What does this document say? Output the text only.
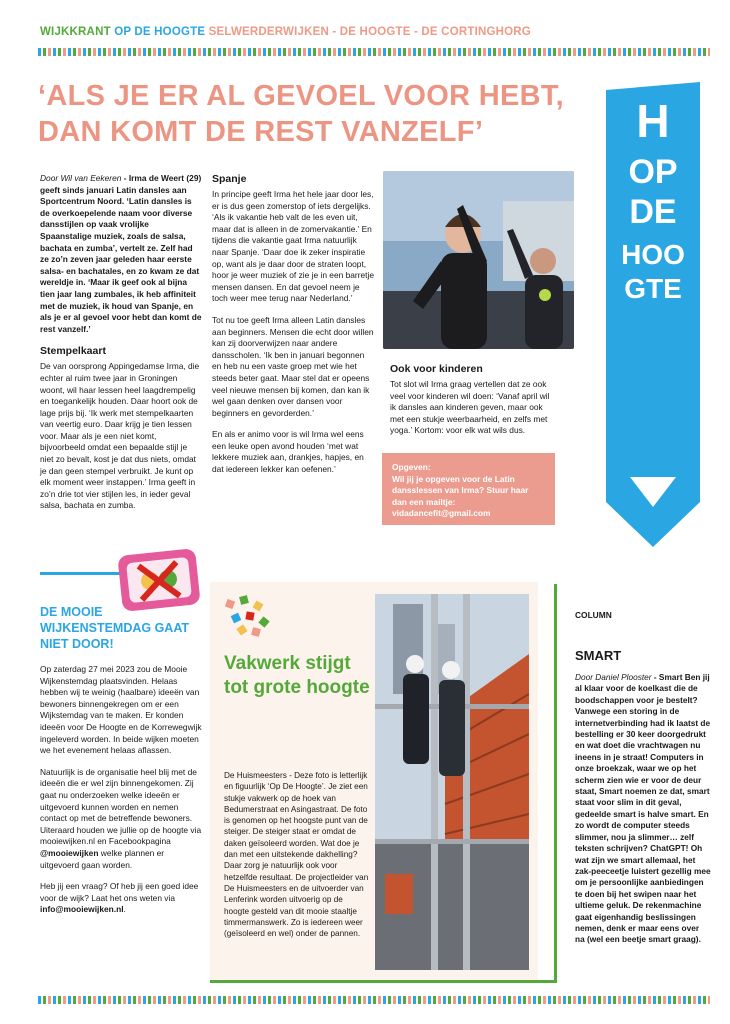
WIJKKRANT OP DE HOOGTE SELWERDERWIJKEN - DE HOOGTE - DE CORTINGHORG
‘ALS JE ER AL GEVOEL VOOR HEBT,
DAN KOMT DE REST VANZELF’	H
OP
DE
HOO
GTE
APRIL 2023

Door Wil van Eekeren - Irma de Weert (29) geeft sinds januari Latin dansles aan Sportcentrum Noord. ‘Latin dansles is de overkoepelende naam voor diverse dansstijlen op vaak vrolijke Spaanstalige muziek, zoals de salsa, bachata en zumba’, vertelt ze. Zelf had ze zo’n zeven jaar geleden haar eerste salsa- en bachatales, en zo kwam ze dat wereldje in. ‘Maar ik geef ook al bijna tien jaar lang zumbales, ik heb affiniteit met de muziek, ik houd van Spanje, en als je er al gevoel voor hebt dan komt de rest vanzelf.’

Stempelkaart

De van oorsprong Appingedamse Irma, die echter al ruim twee jaar in Groningen woont, wil haar lessen heel laagdrempelig en toegankelijk houden. Daar hoort ook de lage prijs bij. ‘Ik werk met stempelkaarten van veertig euro. Daar krijg je tien lessen voor. Maar als je een niet komt, bijvoorbeeld omdat een bepaalde stijl je niet zo bevalt, kost je dat dus niets, omdat je dan geen stempel verbruikt. Je kunt op elk moment weer instappen.’ Irma geeft in zo’n drie tot vier stijlen les, in ieder geval salsa, bachata en zumba.

Spanje

In principe geeft Irma het hele jaar door les, er is dus geen zomerstop of iets dergelijks. ‘Als ik vakantie heb valt de les even uit, maar dat is alleen in de zomervakantie.’ En tijdens die vakantie gaat Irma natuurlijk naar Spanje. ‘Daar doe ik zeker inspiratie op, want als je daar door de straten loopt, hoor je weer muziek of zie je in een barretje mensen dansen. En dat gevoel neem je toch weer mee terug naar Nederland.’

Tot nu toe geeft Irma alleen Latin dansles aan beginners. Mensen die echt door willen kan zij doorverwijzen naar andere dansscholen. ‘Ik ben in januari begonnen en heb nu een vaste groep met wie het steeds beter gaat. Maar stel dat er opeens veel nieuwe mensen bij komen, dan kan ik wel gaan denken over dansen voor beginners en gevorderden.’

En als er animo voor is wil Irma wel eens een leuke open avond houden ‘met wat lekkere muziek aan, drankjes, hapjes, en dat iedereen lekker kan oefenen.’

Ook voor kinderen

Tot slot wil Irma graag vertellen dat ze ook veel voor kinderen wil doen: ‘Vanaf april wil ik dansles aan kinderen geven, maar ook met een stukje weerbaarheid, en zelfs met yoga.’ Kortom: voor elk wat wils dus.

Opgeven:
Wil jij je opgeven voor de Latin dansslessen van Irma? Stuur haar dan een mailtje: vidadancefit@gmail.com
DE MOOIE WIJKENSTEMDAG GAAT NIET DOOR!

Op zaterdag 27 mei 2023 zou de Mooie Wijkenstemdag plaatsvinden. Helaas hebben wij te weinig (haalbare) ideeën van bewoners binnengekregen om er een Wijkstemdag van te maken. Er konden ideeën voor De Hoogte en de Korrewegwijk ingeleverd worden. In beide wijken moeten we het evenement helaas aflassen.

Natuurlijk is de organisatie heel blij met de ideeën die er wel zijn binnengekomen. Zij gaat nu onderzoeken welke ideeën er uitgevoerd kunnen worden en nemen contact op met de betreffende bewoners. Uiteraard houden we jullie op de hoogte via mooiewijken.nl en Facebookpagina @mooiewijken welke plannen er uitgevoerd gaan worden.

Heb jij een vraag? Of heb jij een goed idee voor de wijk? Laat het ons weten via info@mooiewijken.nl.

Vakwerk stijgt tot grote hoogte

De Huismeesters - Deze foto is letterlijk en figuurlijk ‘Op De Hoogte’. Je ziet een stukje vakwerk op de hoek van Bedumerstraat en Asingastraat. De foto is genomen op het hoogste punt van de steiger. De steiger staat er omdat de daken geïsoleerd worden. Wat doe je dan met een uitstekende dakhelling? Daar zorg je natuurlijk ook voor hetzelfde resultaat. De projectleider van De Huismeesters en de uitvoerder van Lenferink worden uitvoerig op de hoogte gesteld van dit mooie staaltje timmermanswerk. Zo is iedereen weer (geïsoleerd en wel) onder de pannen.

COLUMN
SMART
Door Daniel Plooster - Smart Ben jij al klaar voor de koelkast die de boodschappen voor je bestelt? Vanwege een storing in de internetverbinding had ik laatst de bestelling er 30 keer doorgedrukt en wat doet die vrachtwagen nu ineens in je straat! Computers in onze broekzak, waar we op het scherm zien wie er voor de deur staat, Smart noemen ze dat, smart staat voor slim in dit geval, gedeelde smart is halve smart. En zo wordt de computer steeds slimmer, nou ja slimmer… zelf teksten schrijven? ChatGPT! Oh wat zijn we smart allemaal, het zak-peeceetje luistert gezellig mee om je persoonlijke aanbiedingen te doen bij het swipen naar het ultieme geluk. De rekenmachine gaat eigenhandig beslissingen nemen, denk er maar eens over na (wel een beetje smart graag).
